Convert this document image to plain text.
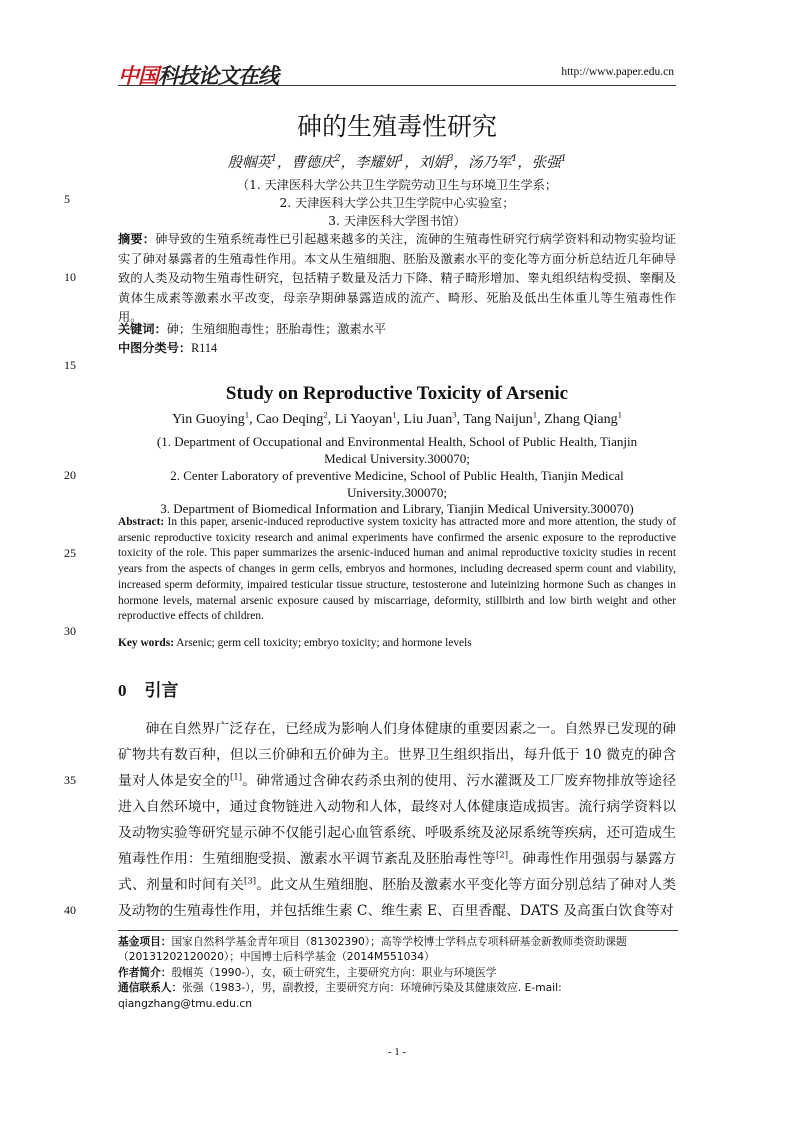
中国科技论文在线	http://www.paper.edu.cn
砷的生殖毒性研究
殷帼英$^1$，曹德庆$^2$，李耀妍$^1$，刘娟$^3$，汤乃军$^1$，张强$^1$
（1. 天津医科大学公共卫生学院劳动卫生与环境卫生学系；
2. 天津医科大学公共卫生学院中心实验室；
3. 天津医科大学图书馆）
摘要：砷导致的生殖系统毒性已引起越来越多的关注，流砷的生殖毒性研究行病学资料和动物实验均证实了砷对暴露者的生殖毒性作用。本文从生殖细胞、胚胎及激素水平的变化等方面分析总结近几年砷导致的人类及动物生殖毒性研究，包括精子数量及活力下降、精子畸形增加、睾丸组织结构受损、睾酮及黄体生成素等激素水平改变，母亲孕期砷暴露造成的流产、畸形、死胎及低出生体重儿等生殖毒性作用。
关键词：砷；生殖细胞毒性；胚胎毒性；激素水平
中图分类号：R114
Study on Reproductive Toxicity of Arsenic
Yin Guoying$^1$, Cao Deqing$^2$, Li Yaoyan$^1$, Liu Juan$^3$, Tang Naijun$^1$, Zhang Qiang$^1$
(1. Department of Occupational and Environmental Health, School of Public Health, Tianjin
Medical University.300070;
2. Center Laboratory of preventive Medicine, School of Public Health, Tianjin Medical
University.300070;
3. Department of Biomedical Information and Library, Tianjin Medical University.300070)
Abstract: In this paper, arsenic-induced reproductive system toxicity has attracted more and more attention, the study of arsenic reproductive toxicity research and animal experiments have confirmed the arsenic exposure to the reproductive toxicity of the role. This paper summarizes the arsenic-induced human and animal reproductive toxicity studies in recent years from the aspects of changes in germ cells, embryos and hormones, including decreased sperm count and viability, increased sperm deformity, impaired testicular tissue structure, testosterone and luteinizing hormone Such as changes in hormone levels, maternal arsenic exposure caused by miscarriage, deformity, stillbirth and low birth weight and other reproductive effects of children.
Key words: Arsenic; germ cell toxicity; embryo toxicity; and hormone levels
0 引言
砷在自然界广泛存在，已经成为影响人们身体健康的重要因素之一。自然界已发现的砷矿物共有数百种，但以三价砷和五价砷为主。世界卫生组织指出，每升低于 10 微克的砷含量对人体是安全的[1]。砷常通过含砷农药杀虫剂的使用、污水灌溉及工厂废弃物排放等途径进入自然环境中，通过食物链进入动物和人体，最终对人体健康造成损害。流行病学资料以及动物实验等研究显示砷不仅能引起心血管系统、呼吸系统及泌尿系统等疾病，还可造成生殖毒性作用：生殖细胞受损、激素水平调节紊乱及胚胎毒性等[2]。砷毒性作用强弱与暴露方式、剂量和时间有关[3]。此文从生殖细胞、胚胎及激素水平变化等方面分别总结了砷对人类及动物的生殖毒性作用，并包括维生素 C、维生素 E、百里香醌、DATS 及高蛋白饮食等对
5
10
15
20
25
30
35
40
基金项目：国家自然科学基金青年项目（81302390）；高等学校博士学科点专项科研基金新教师类资助课题（20131202120020）；中国博士后科学基金（2014M551034）
作者简介：殷帼英（1990-），女，硕士研究生，主要研究方向：职业与环境医学
通信联系人：张强（1983-），男，副教授，主要研究方向：环境砷污染及其健康效应. E-mail: qiangzhang@tmu.edu.cn
- 1 -
